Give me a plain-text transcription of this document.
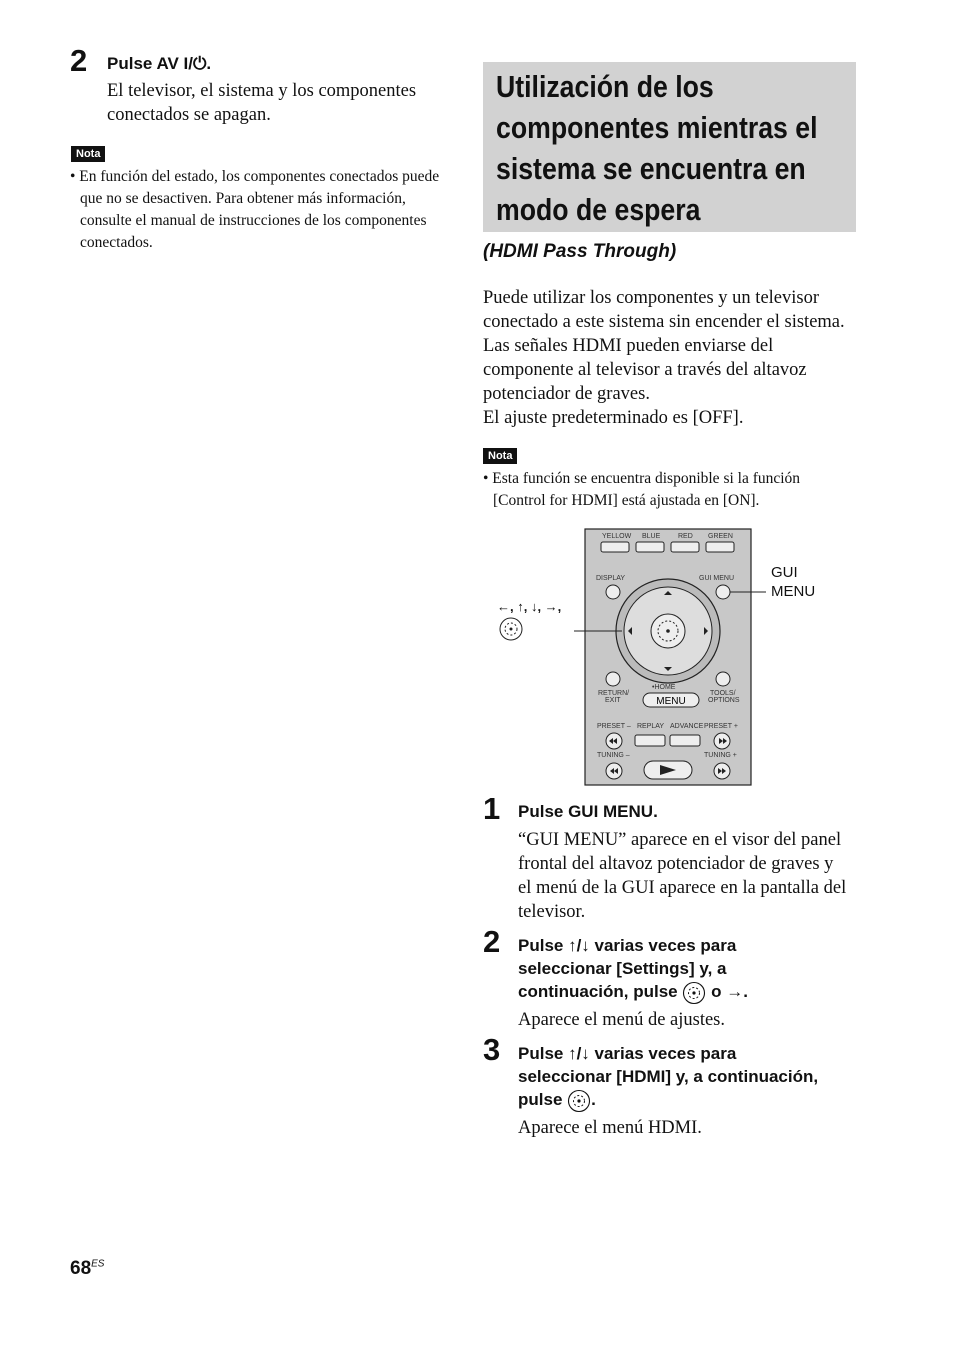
2 Pulse AV I/⏻.
El televisor, el sistema y los componentes conectados se apagan.
Nota
• En función del estado, los componentes conectados puede que no se desactiven. Para obtener más información, consulte el manual de instrucciones de los componentes conectados.
Utilización de los
componentes mientras el
sistema se encuentra en
modo de espera
(HDMI Pass Through)
Puede utilizar los componentes y un televisor
conectado a este sistema sin encender el sistema.
Las señales HDMI pueden enviarse del
componente al televisor a través del altavoz
potenciador de graves.
El ajuste predeterminado es [OFF].
Nota
• Esta función se encuentra disponible si la función
[Control for HDMI] está ajustada en [ON].
YELLOW BLUE	RED GREEN
DISPLAY	GUI MENU
RETURN/
EXIT
TOOLS/
OPTIONS
•HOME
MENU
PRESET – REPLAY ADVANCE PRESET +
TUNING –	TUNING +
GUI
MENU
←, ↑, ↓, →,
1 Pulse GUI MENU.
“GUI MENU” aparece en el visor del panel
frontal del altavoz potenciador de graves y
el menú de la GUI aparece en la pantalla del
televisor.
2 Pulse ↑/↓ varias veces para
seleccionar [Settings] y, a
continuación, pulse o →.
Aparece el menú de ajustes.
3 Pulse ↑/↓ varias veces para
seleccionar [HDMI] y, a continuación,
pulse .
Aparece el menú HDMI.
$68^{ES}$
